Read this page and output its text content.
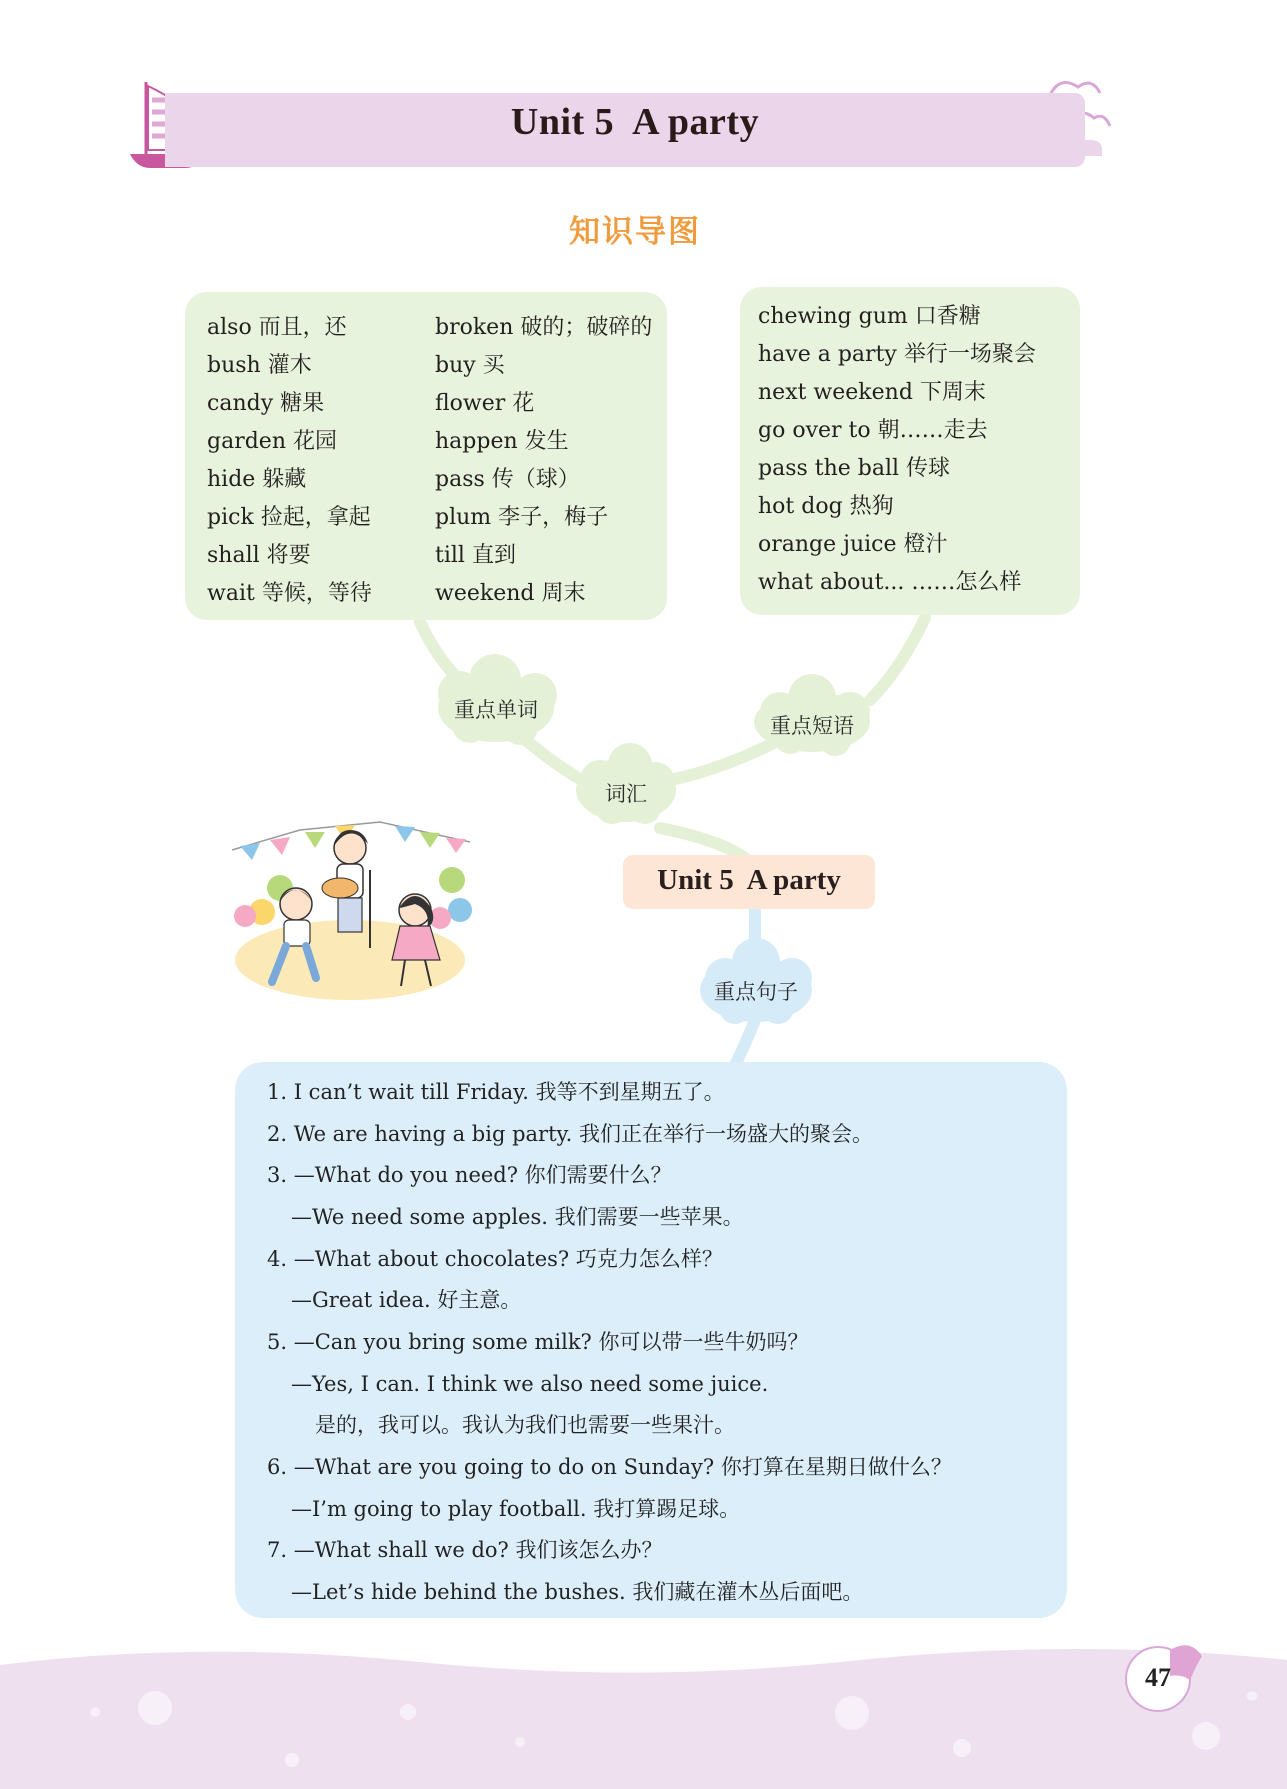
Unit 5  A party
知识导图
also 而且，还
bush 灌木
candy 糖果
garden 花园
hide 躲藏
pick 捡起，拿起
shall 将要
wait 等候，等待
broken 破的；破碎的
buy 买
flower 花
happen 发生
pass 传（球）
plum 李子，梅子
till 直到
weekend 周末
chewing gum 口香糖
have a party 举行一场聚会
next weekend 下周末
go over to 朝……走去
pass the ball 传球
hot dog 热狗
orange juice 橙汁
what about... ……怎么样
重点单词
重点短语
词汇
Unit 5  A party
重点句子
1. I can’t wait till Friday. 我等不到星期五了。
2. We are having a big party. 我们正在举行一场盛大的聚会。
3. —What do you need? 你们需要什么？
—We need some apples. 我们需要一些苹果。
4. —What about chocolates? 巧克力怎么样？
—Great idea. 好主意。
5. —Can you bring some milk? 你可以带一些牛奶吗？
—Yes, I can. I think we also need some juice.
是的，我可以。我认为我们也需要一些果汁。
6. —What are you going to do on Sunday? 你打算在星期日做什么？
—I’m going to play football. 我打算踢足球。
7. —What shall we do? 我们该怎么办？
—Let’s hide behind the bushes. 我们藏在灌木丛后面吧。
47
